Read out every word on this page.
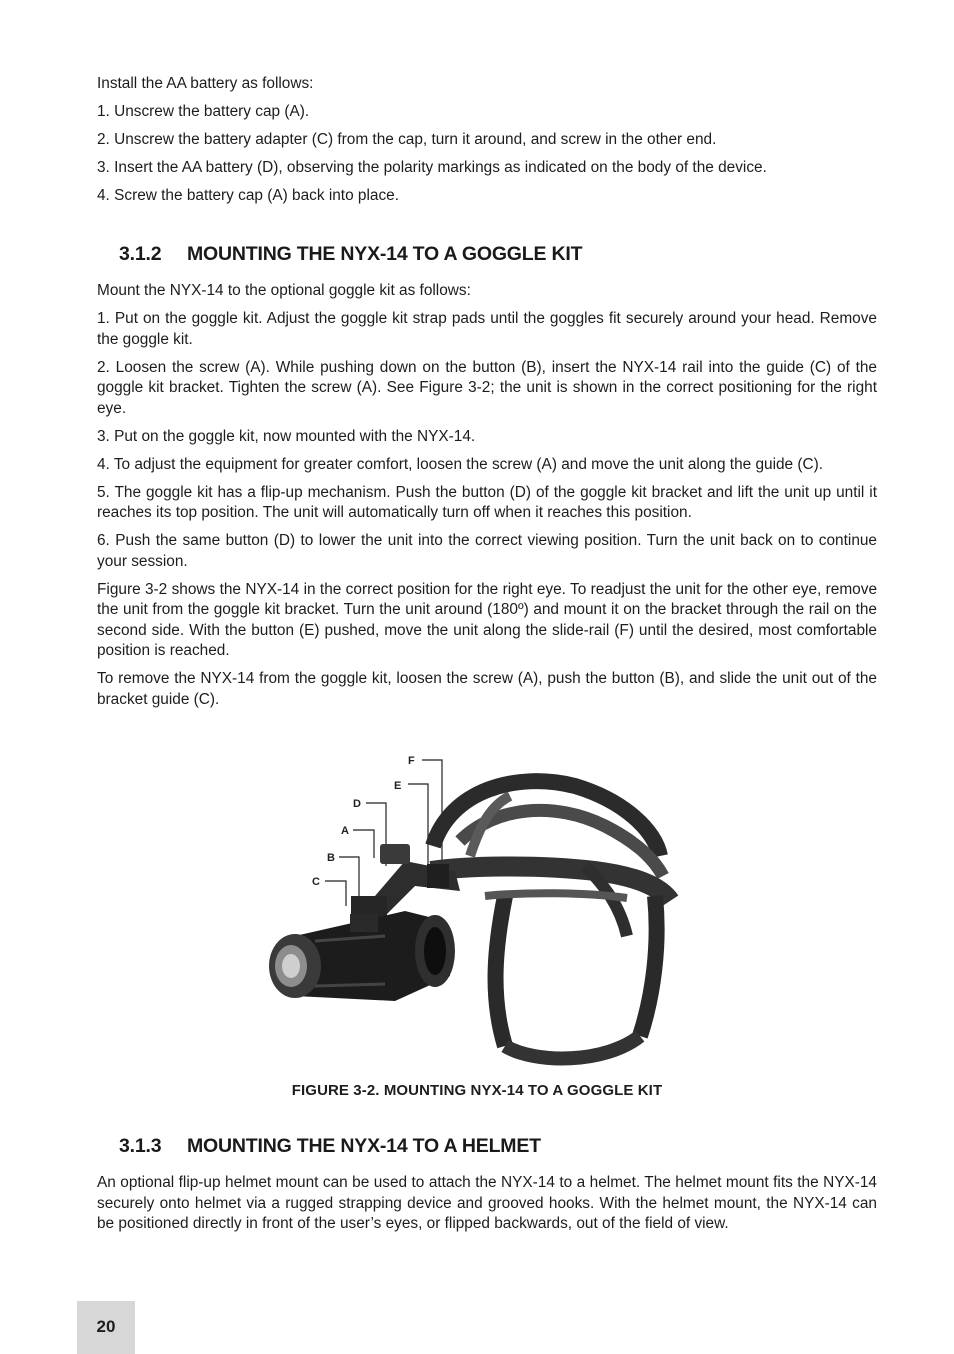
Install the AA battery as follows:

1. Unscrew the battery cap (A).

2. Unscrew the battery adapter (C) from the cap, turn it around, and screw in the other end.

3. Insert the AA battery (D), observing the polarity markings as indicated on the body of the device.

4. Screw the battery cap (A) back into place.

3.1.2 MOUNTING THE NYX-14 TO A GOGGLE KIT

Mount the NYX-14 to the optional goggle kit as follows:

1. Put on the goggle kit. Adjust the goggle kit strap pads until the goggles fit securely around your head. Remove the goggle kit.

2. Loosen the screw (A). While pushing down on the button (B), insert the NYX-14 rail into the guide (C) of the goggle kit bracket. Tighten the screw (A). See Figure 3-2; the unit is shown in the correct positioning for the right eye.

3. Put on the goggle kit, now mounted with the NYX-14.

4. To adjust the equipment for greater comfort, loosen the screw (A) and move the unit along the guide (C).

5. The goggle kit has a flip-up mechanism. Push the button (D) of the goggle kit bracket and lift the unit up until it reaches its top position. The unit will automatically turn off when it reaches this position.

6. Push the same button (D) to lower the unit into the correct viewing position. Turn the unit back on to continue your session.

Figure 3-2 shows the NYX-14 in the correct position for the right eye. To readjust the unit for the other eye, remove the unit from the goggle kit bracket. Turn the unit around (180º) and mount it on the bracket through the rail on the second side. With the button (E) pushed, move the unit along the slide-rail (F) until the desired, most comfortable position is reached.

To remove the NYX-14 from the goggle kit, loosen the screw (A), push the button (B), and slide the unit out of the bracket guide (C).

F
E
D
A
B
C
FIGURE 3-2. MOUNTING NYX-14 TO A GOGGLE KIT
3.1.3 MOUNTING THE NYX-14 TO A HELMET

An optional flip-up helmet mount can be used to attach the NYX-14 to a helmet. The helmet mount fits the NYX-14 securely onto helmet via a rugged strapping device and grooved hooks. With the helmet mount, the NYX-14 can be positioned directly in front of the user’s eyes, or flipped backwards, out of the field of view.

20
